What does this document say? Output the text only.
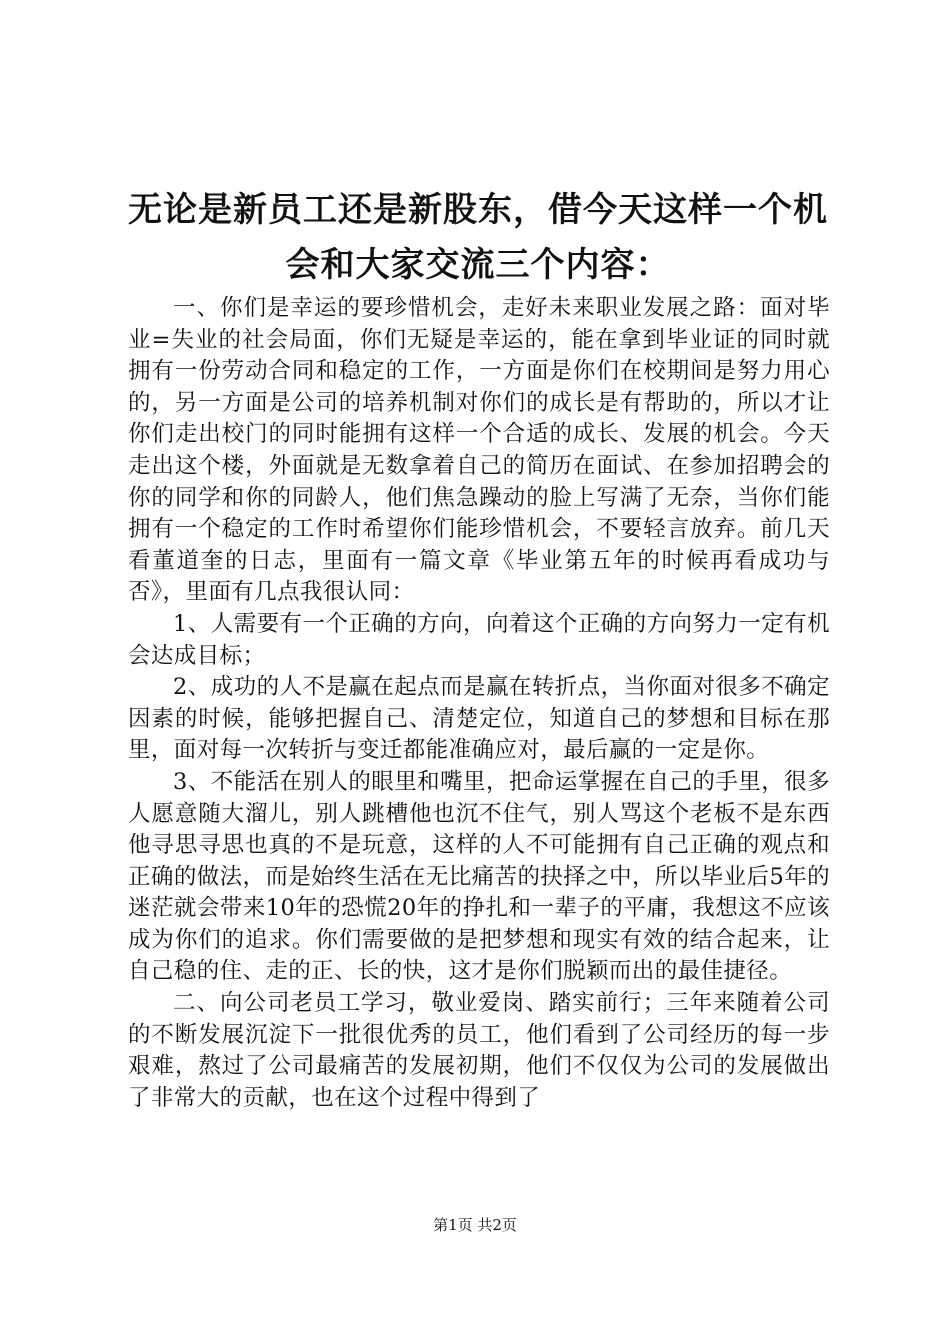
无论是新员工还是新股东，借今天这样一个机会和大家交流三个内容：

一、你们是幸运的要珍惜机会，走好未来职业发展之路：面对毕业=失业的社会局面，你们无疑是幸运的，能在拿到毕业证的同时就拥有一份劳动合同和稳定的工作，一方面是你们在校期间是努力用心的，另一方面是公司的培养机制对你们的成长是有帮助的，所以才让你们走出校门的同时能拥有这样一个合适的成长、发展的机会。今天走出这个楼，外面就是无数拿着自己的简历在面试、在参加招聘会的你的同学和你的同龄人，他们焦急躁动的脸上写满了无奈，当你们能拥有一个稳定的工作时希望你们能珍惜机会，不要轻言放弃。前几天看董道奎的日志，里面有一篇文章《毕业第五年的时候再看成功与否》，里面有几点我很认同：

1、人需要有一个正确的方向，向着这个正确的方向努力一定有机会达成目标；

2、成功的人不是赢在起点而是赢在转折点，当你面对很多不确定因素的时候，能够把握自己、清楚定位，知道自己的梦想和目标在那里，面对每一次转折与变迁都能准确应对，最后赢的一定是你。

3、不能活在别人的眼里和嘴里，把命运掌握在自己的手里，很多人愿意随大溜儿，别人跳槽他也沉不住气，别人骂这个老板不是东西他寻思寻思也真的不是玩意，这样的人不可能拥有自己正确的观点和正确的做法，而是始终生活在无比痛苦的抉择之中，所以毕业后5年的迷茫就会带来10年的恐慌20年的挣扎和一辈子的平庸，我想这不应该成为你们的追求。你们需要做的是把梦想和现实有效的结合起来，让自己稳的住、走的正、长的快，这才是你们脱颖而出的最佳捷径。

二、向公司老员工学习，敬业爱岗、踏实前行；三年来随着公司的不断发展沉淀下一批很优秀的员工，他们看到了公司经历的每一步艰难，熬过了公司最痛苦的发展初期，他们不仅仅为公司的发展做出了非常大的贡献，也在这个过程中得到了

第1页 共2页
